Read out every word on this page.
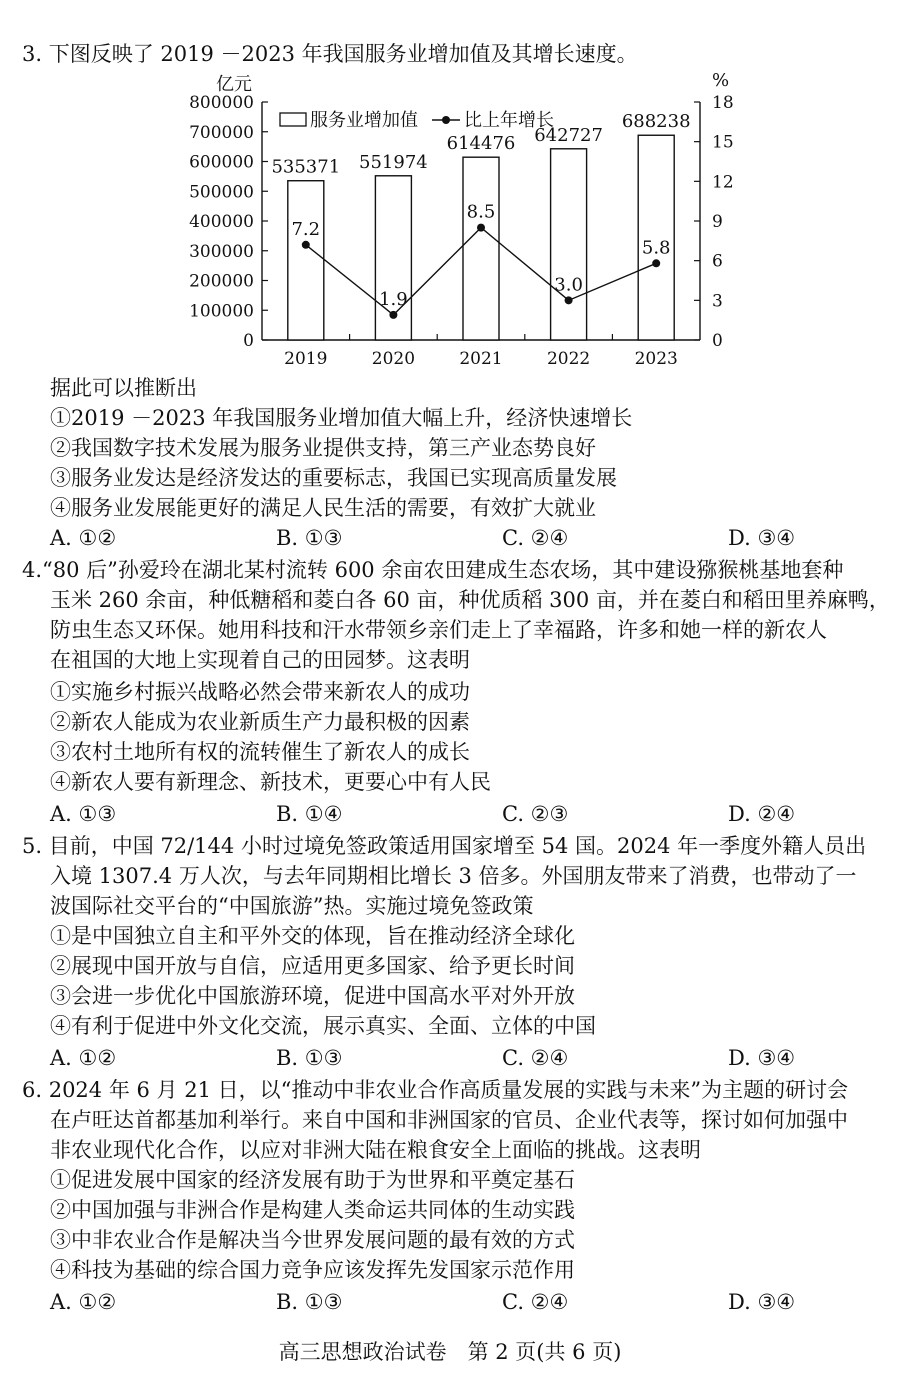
3. 下图反映了 2019 －2023 年我国服务业增加值及其增长速度。
0
100000
200000
300000
400000
500000
600000
700000
800000
0
3
6
9
12
15
18
亿元	%
2019	2020	2021	2022	2023
535371 551974
614476 642727
688238
7.2
1.9
8.5
3.0
5.8
服务业增加值	比上年增长
据此可以推断出
①2019 －2023 年我国服务业增加值大幅上升，经济快速增长
②我国数字技术发展为服务业提供支持，第三产业态势良好
③服务业发达是经济发达的重要标志，我国已实现高质量发展
④服务业发展能更好的满足人民生活的需要，有效扩大就业
A. ①②	B. ①③	C. ②④	D. ③④
4.“80 后”孙爱玲在湖北某村流转 600 余亩农田建成生态农场，其中建设猕猴桃基地套种
玉米 260 余亩，种低糖稻和菱白各 60 亩，种优质稻 300 亩，并在菱白和稻田里养麻鸭，
防虫生态又环保。她用科技和汗水带领乡亲们走上了幸福路，许多和她一样的新农人
在祖国的大地上实现着自己的田园梦。这表明
①实施乡村振兴战略必然会带来新农人的成功
②新农人能成为农业新质生产力最积极的因素
③农村土地所有权的流转催生了新农人的成长
④新农人要有新理念、新技术，更要心中有人民
A. ①③	B. ①④	C. ②③	D. ②④
5. 目前，中国 72/144 小时过境免签政策适用国家增至 54 国。2024 年一季度外籍人员出
入境 1307.4 万人次，与去年同期相比增长 3 倍多。外国朋友带来了消费，也带动了一
波国际社交平台的“中国旅游”热。实施过境免签政策
①是中国独立自主和平外交的体现，旨在推动经济全球化
②展现中国开放与自信，应适用更多国家、给予更长时间
③会进一步优化中国旅游环境，促进中国高水平对外开放
④有利于促进中外文化交流，展示真实、全面、立体的中国
A. ①②	B. ①③	C. ②④	D. ③④
6. 2024 年 6 月 21 日，以“推动中非农业合作高质量发展的实践与未来”为主题的研讨会
在卢旺达首都基加利举行。来自中国和非洲国家的官员、企业代表等，探讨如何加强中
非农业现代化合作，以应对非洲大陆在粮食安全上面临的挑战。这表明
①促进发展中国家的经济发展有助于为世界和平奠定基石
②中国加强与非洲合作是构建人类命运共同体的生动实践
③中非农业合作是解决当今世界发展问题的最有效的方式
④科技为基础的综合国力竞争应该发挥先发国家示范作用
A. ①②	B. ①③	C. ②④	D. ③④
高三思想政治试卷　第 2 页(共 6 页)
